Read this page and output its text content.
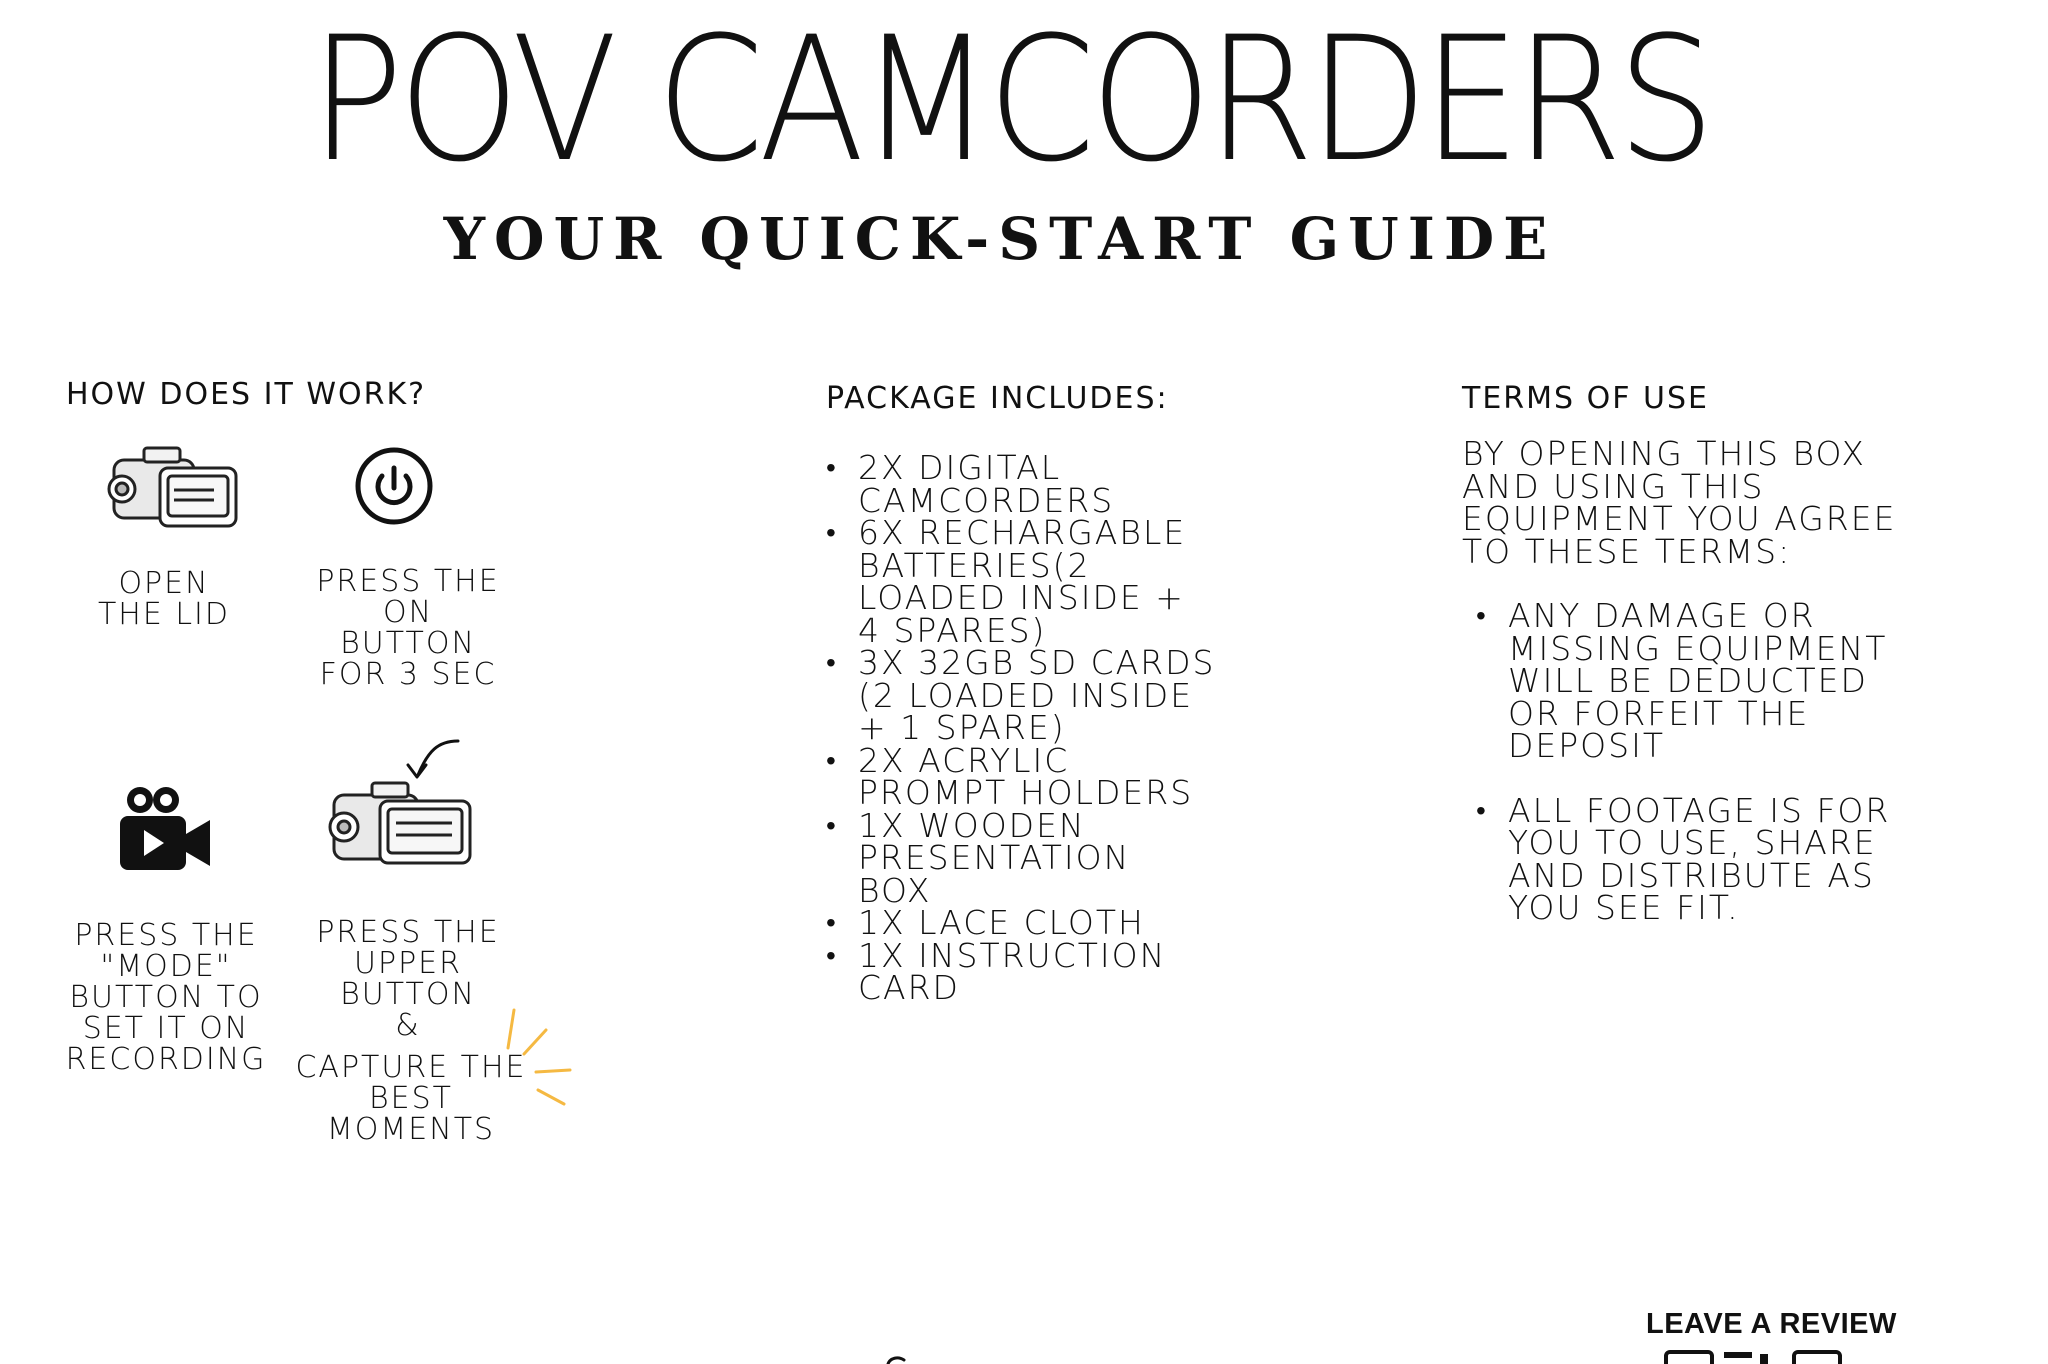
POV CAMCORDERS
YOUR QUICK-START GUIDE
HOW DOES IT WORK?
OPEN
THE LID
PRESS THE
ON
BUTTON
FOR 3 SEC
PRESS THE
"MODE"
BUTTON TO
SET IT ON
RECORDING
PRESS THE
UPPER
BUTTON
&
CAPTURE THE
BEST
MOMENTS
PACKAGE INCLUDES:
• 2X DIGITAL CAMCORDERS
• 6X RECHARGABLE BATTERIES(2 LOADED INSIDE + 4 SPARES)
• 3X 32GB SD CARDS (2 LOADED INSIDE + 1 SPARE)
• 2X ACRYLIC PROMPT HOLDERS
• 1X WOODEN PRESENTATION BOX
• 1X LACE CLOTH
• 1X INSTRUCTION CARD
TERMS OF USE
BY OPENING THIS BOX
AND USING THIS
EQUIPMENT YOU AGREE
TO THESE TERMS:
• ANY DAMAGE OR MISSING EQUIPMENT WILL BE DEDUCTED OR FORFEIT THE DEPOSIT
• ALL FOOTAGE IS FOR YOU TO USE, SHARE AND DISTRIBUTE AS YOU SEE FIT.
LEAVE A REVIEW
